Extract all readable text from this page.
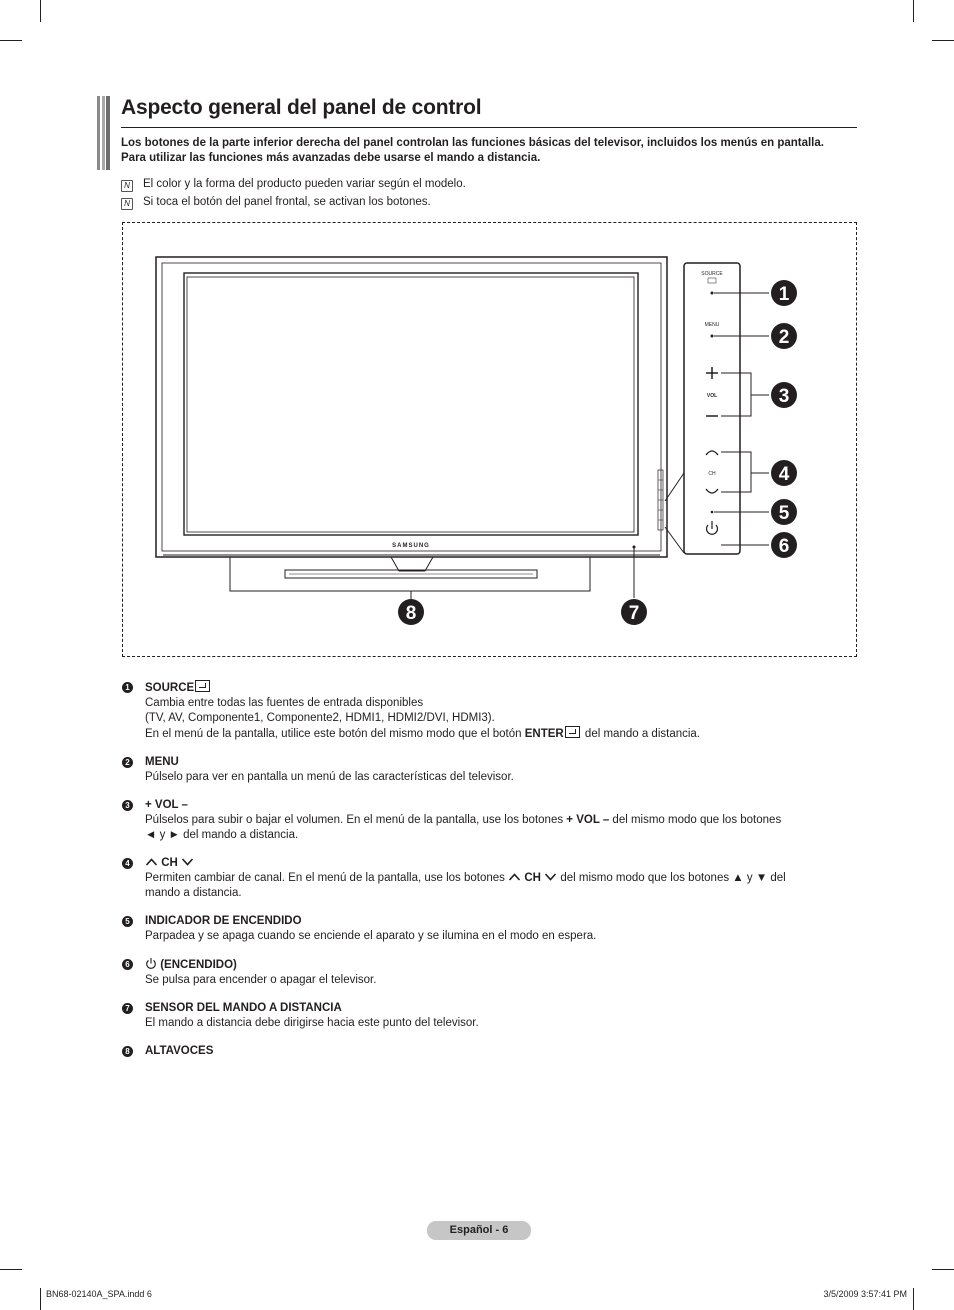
Aspecto general del panel de control
Los botones de la parte inferior derecha del panel controlan las funciones básicas del televisor, incluidos los menús en pantalla.
Para utilizar las funciones más avanzadas debe usarse el mando a distancia.
N El color y la forma del producto pueden variar según el modelo.
N Si toca el botón del panel frontal, se activan los botones.
SAMSUNG
SOURCE
MENU
VOL
CH
1
2
3
4
5
6
7
8
1 SOURCE
Cambia entre todas las fuentes de entrada disponibles
(TV, AV, Componente1, Componente2, HDMI1, HDMI2/DVI, HDMI3).
En el menú de la pantalla, utilice este botón del mismo modo que el botón ENTER del mando a distancia.
2 MENU
Púlselo para ver en pantalla un menú de las características del televisor.
3 + VOL –
Púlselos para subir o bajar el volumen. En el menú de la pantalla, use los botones + VOL – del mismo modo que los botones
◄ y ► del mando a distancia.
4	CH
Permiten cambiar de canal. En el menú de la pantalla, use los botones  CH  del mismo modo que los botones ▲ y ▼ del
mando a distancia.
5 INDICADOR DE ENCENDIDO
Parpadea y se apaga cuando se enciende el aparato y se ilumina en el modo en espera.
6	(ENCENDIDO)
Se pulsa para encender o apagar el televisor.
7 SENSOR DEL MANDO A DISTANCIA
El mando a distancia debe dirigirse hacia este punto del televisor.
8 ALTAVOCES
Español - 6
BN68-02140A_SPA.indd 6	3/5/2009 3:57:41 PM
